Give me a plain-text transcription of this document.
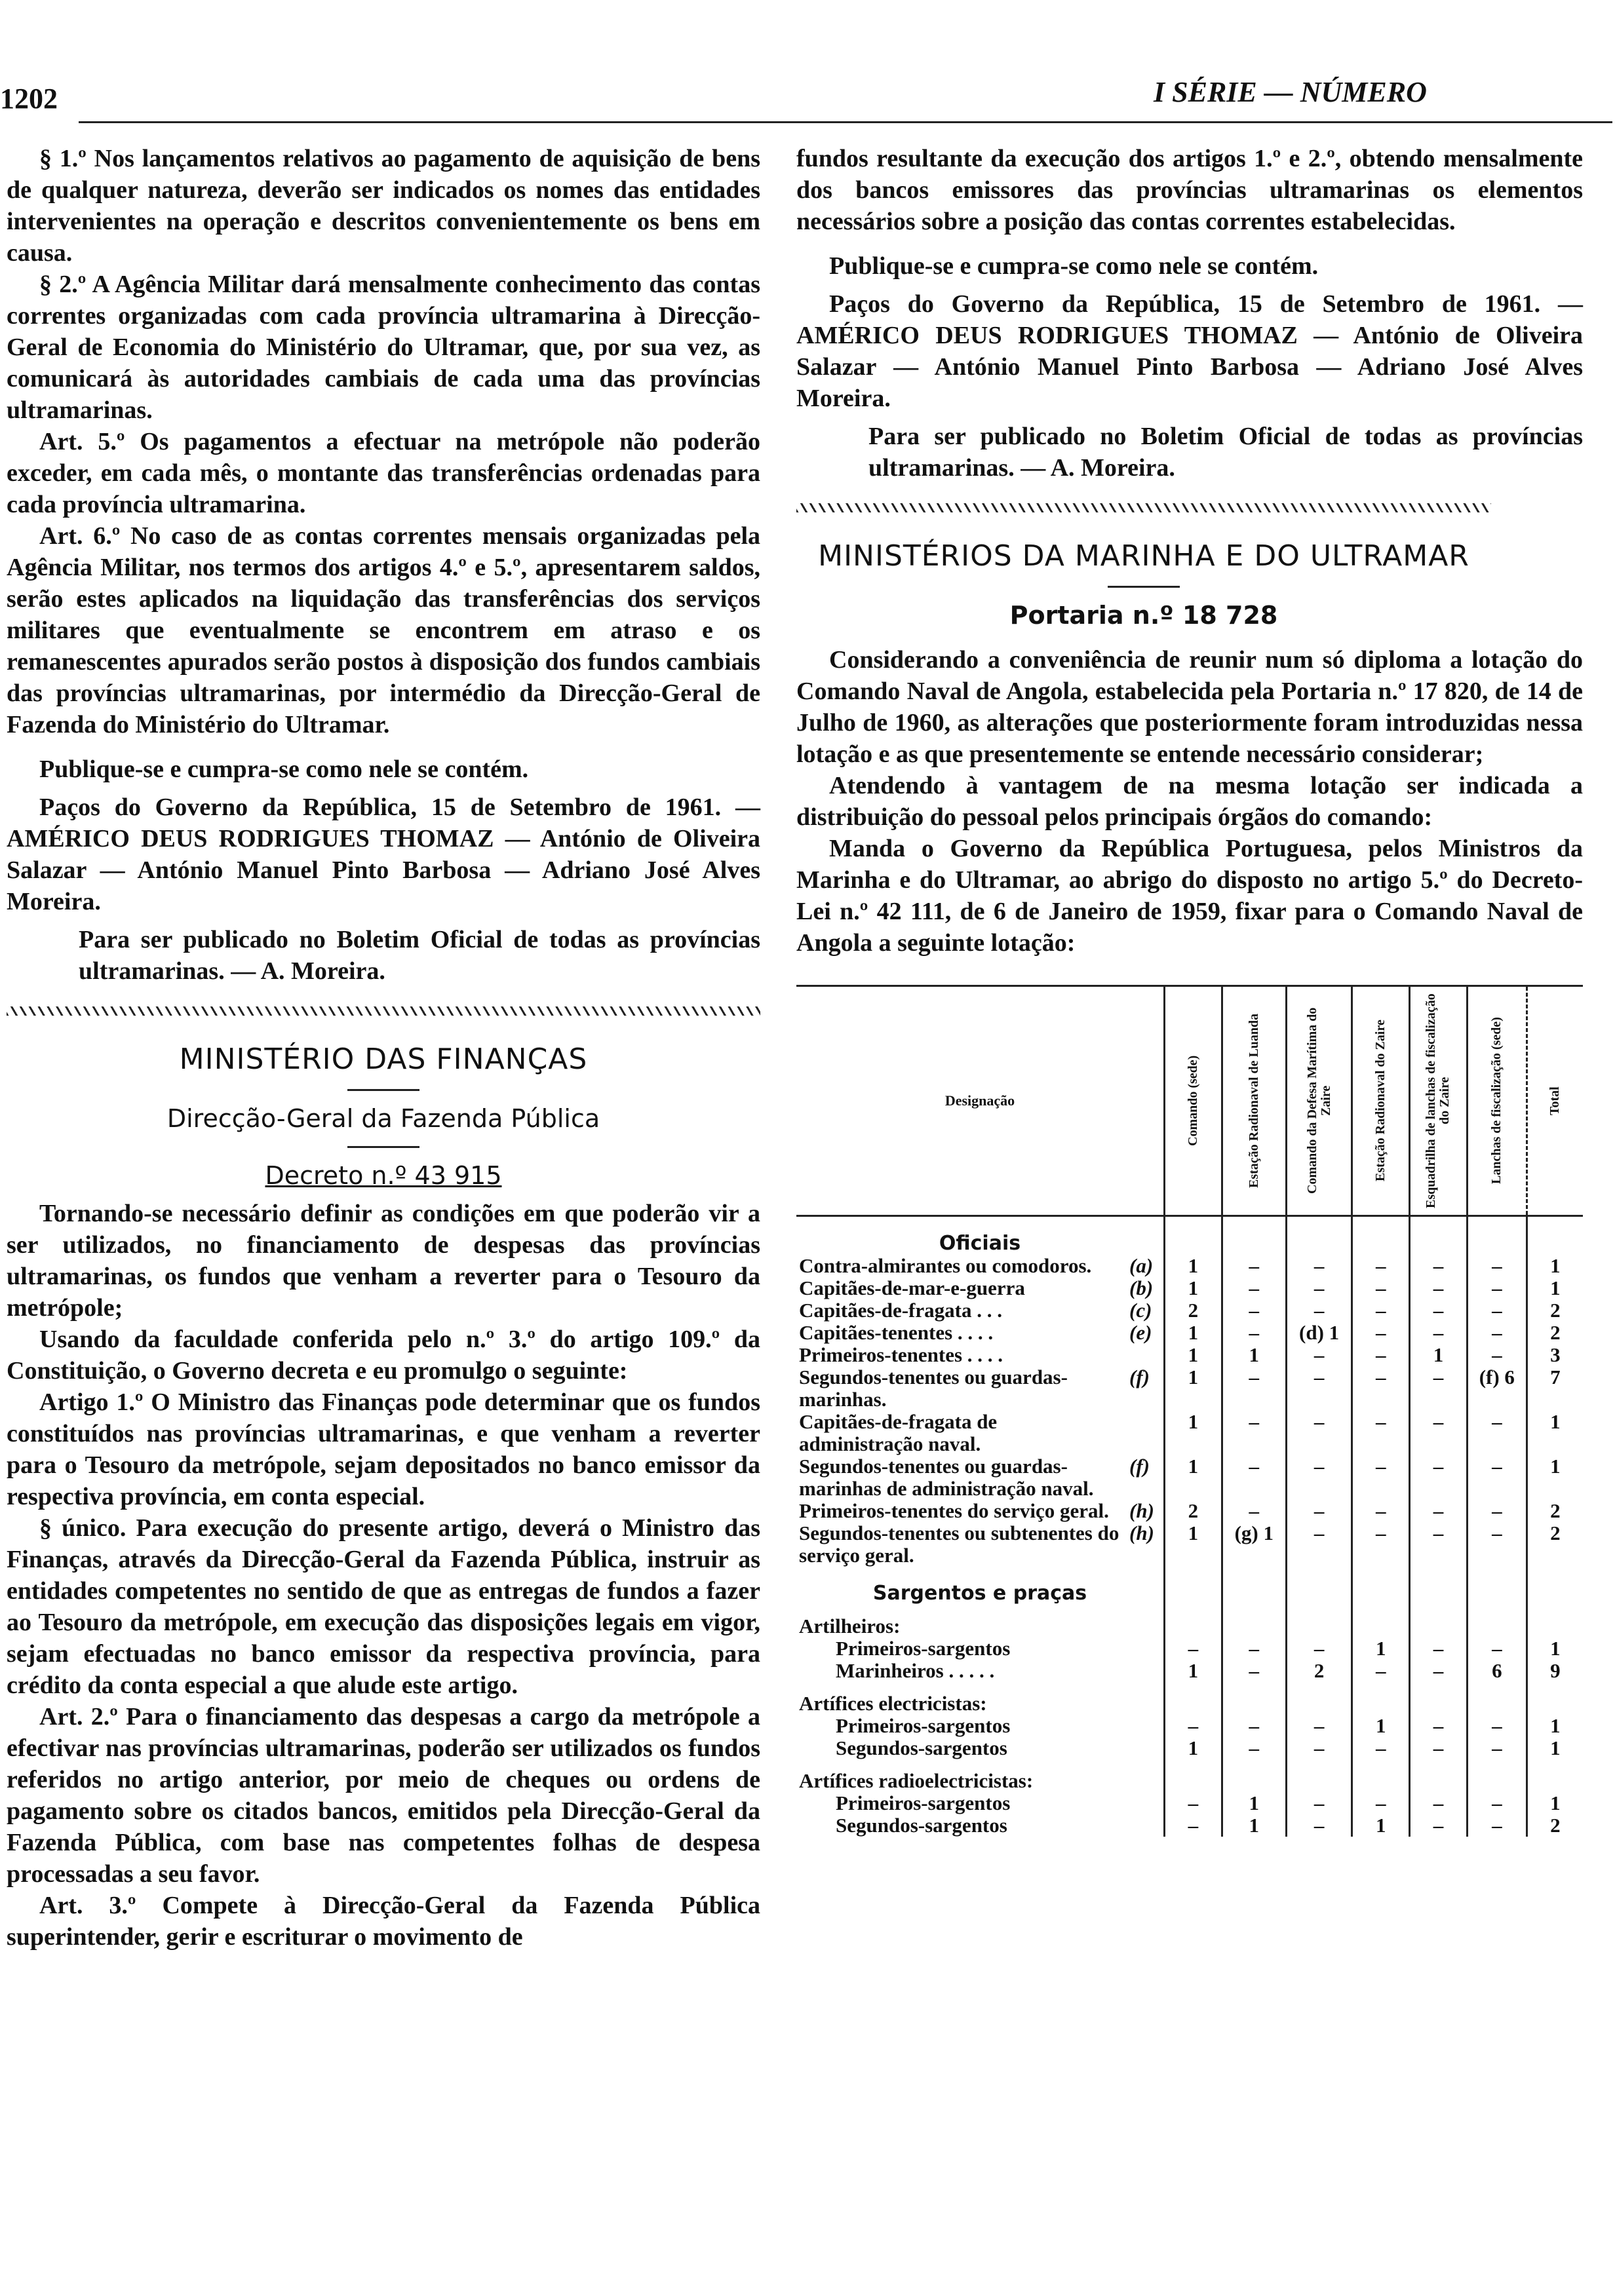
1202	I SÉRIE — NÚMERO

§ 1.º Nos lançamentos relativos ao pagamento de aquisição de bens de qualquer natureza, deverão ser indicados os nomes das entidades intervenientes na operação e descritos convenientemente os bens em causa.

§ 2.º A Agência Militar dará mensalmente conhecimento das contas correntes organizadas com cada província ultramarina à Direcção-Geral de Economia do Ministério do Ultramar, que, por sua vez, as comunicará às autoridades cambiais de cada uma das províncias ultramarinas.

Art. 5.º Os pagamentos a efectuar na metrópole não poderão exceder, em cada mês, o montante das transferências ordenadas para cada província ultramarina.

Art. 6.º No caso de as contas correntes mensais organizadas pela Agência Militar, nos termos dos artigos 4.º e 5.º, apresentarem saldos, serão estes aplicados na liquidação das transferências dos serviços militares que eventualmente se encontrem em atraso e os remanescentes apurados serão postos à disposição dos fundos cambiais das províncias ultramarinas, por intermédio da Direcção-Geral de Fazenda do Ministério do Ultramar.

Publique-se e cumpra-se como nele se contém.

Paços do Governo da República, 15 de Setembro de 1961. — AMÉRICO DEUS RODRIGUES THOMAZ — António de Oliveira Salazar — António Manuel Pinto Barbosa — Adriano José Alves Moreira.

Para ser publicado no Boletim Oficial de todas as províncias ultramarinas. — A. Moreira.

MINISTÉRIO DAS FINANÇAS
Direcção-Geral da Fazenda Pública
Decreto n.º 43 915

Tornando-se necessário definir as condições em que poderão vir a ser utilizados, no financiamento de despesas das províncias ultramarinas, os fundos que venham a reverter para o Tesouro da metrópole;

Usando da faculdade conferida pelo n.º 3.º do artigo 109.º da Constituição, o Governo decreta e eu promulgo o seguinte:

Artigo 1.º O Ministro das Finanças pode determinar que os fundos constituídos nas províncias ultramarinas, e que venham a reverter para o Tesouro da metrópole, sejam depositados no banco emissor da respectiva província, em conta especial.

§ único. Para execução do presente artigo, deverá o Ministro das Finanças, através da Direcção-Geral da Fazenda Pública, instruir as entidades competentes no sentido de que as entregas de fundos a fazer ao Tesouro da metrópole, em execução das disposições legais em vigor, sejam efectuadas no banco emissor da respectiva província, para crédito da conta especial a que alude este artigo.

Art. 2.º Para o financiamento das despesas a cargo da metrópole a efectivar nas províncias ultramarinas, poderão ser utilizados os fundos referidos no artigo anterior, por meio de cheques ou ordens de pagamento sobre os citados bancos, emitidos pela Direcção-Geral da Fazenda Pública, com base nas competentes folhas de despesa processadas a seu favor.

Art. 3.º Compete à Direcção-Geral da Fazenda Pública superintender, gerir e escriturar o movimento de

fundos resultante da execução dos artigos 1.º e 2.º, obtendo mensalmente dos bancos emissores das províncias ultramarinas os elementos necessários sobre a posição das contas correntes estabelecidas.

Publique-se e cumpra-se como nele se contém.

Paços do Governo da República, 15 de Setembro de 1961. — AMÉRICO DEUS RODRIGUES THOMAZ — António de Oliveira Salazar — António Manuel Pinto Barbosa — Adriano José Alves Moreira.

Para ser publicado no Boletim Oficial de todas as províncias ultramarinas. — A. Moreira.

MINISTÉRIOS DA MARINHA E DO ULTRAMAR
Portaria n.º 18 728

Considerando a conveniência de reunir num só diploma a lotação do Comando Naval de Angola, estabelecida pela Portaria n.º 17 820, de 14 de Julho de 1960, as alterações que posteriormente foram introduzidas nessa lotação e as que presentemente se entende necessário considerar;

Atendendo à vantagem de na mesma lotação ser indicada a distribuição do pessoal pelos principais órgãos do comando:

Manda o Governo da República Portuguesa, pelos Ministros da Marinha e do Ultramar, ao abrigo do disposto no artigo 5.º do Decreto-Lei n.º 42 111, de 6 de Janeiro de 1959, fixar para o Comando Naval de Angola a seguinte lotação:

Designação		Comando (sede)	Estação Radionaval de Luanda	Comando da Defesa Marítima do Zaire	Estação Radionaval do Zaire	Esquadrilha de lanchas de fiscalização do Zaire	Lanchas de fiscalização (sede)	Total

Oficiais								
Contra-almirantes ou comodoros.	(a)	1	–	–	–	–	–	1
Capitães-de-mar-e-guerra	(b)	1	–	–	–	–	–	1
Capitães-de-fragata . . .	(c)	2	–	–	–	–	–	2
Capitães-tenentes . . . .	(e)	1	–	(d) 1	–	–	–	2
Primeiros-tenentes . . . .		1	1	–	–	1	–	3
Segundos-tenentes ou guardas-marinhas.	(f)	1	–	–	–	–	(f) 6	7
Capitães-de-fragata de administração naval.		1	–	–	–	–	–	1
Segundos-tenentes ou guardas-marinhas de administração naval.	(f)	1	–	–	–	–	–	1
Primeiros-tenentes do serviço geral.	(h)	2	–	–	–	–	–	2
Segundos-tenentes ou subtenentes do serviço geral.	(h)	1	(g) 1	–	–	–	–	2
Sargentos e praças								
Artilheiros:								
Primeiros-sargentos		–	–	–	1	–	–	1
Marinheiros . . . . .		1	–	2	–	–	6	9
Artífices electricistas:								
Primeiros-sargentos		–	–	–	1	–	–	1
Segundos-sargentos		1	–	–	–	–	–	1
Artífices radioelectricistas:								
Primeiros-sargentos		–	1	–	–	–	–	1
Segundos-sargentos		–	1	–	1	–	–	2
